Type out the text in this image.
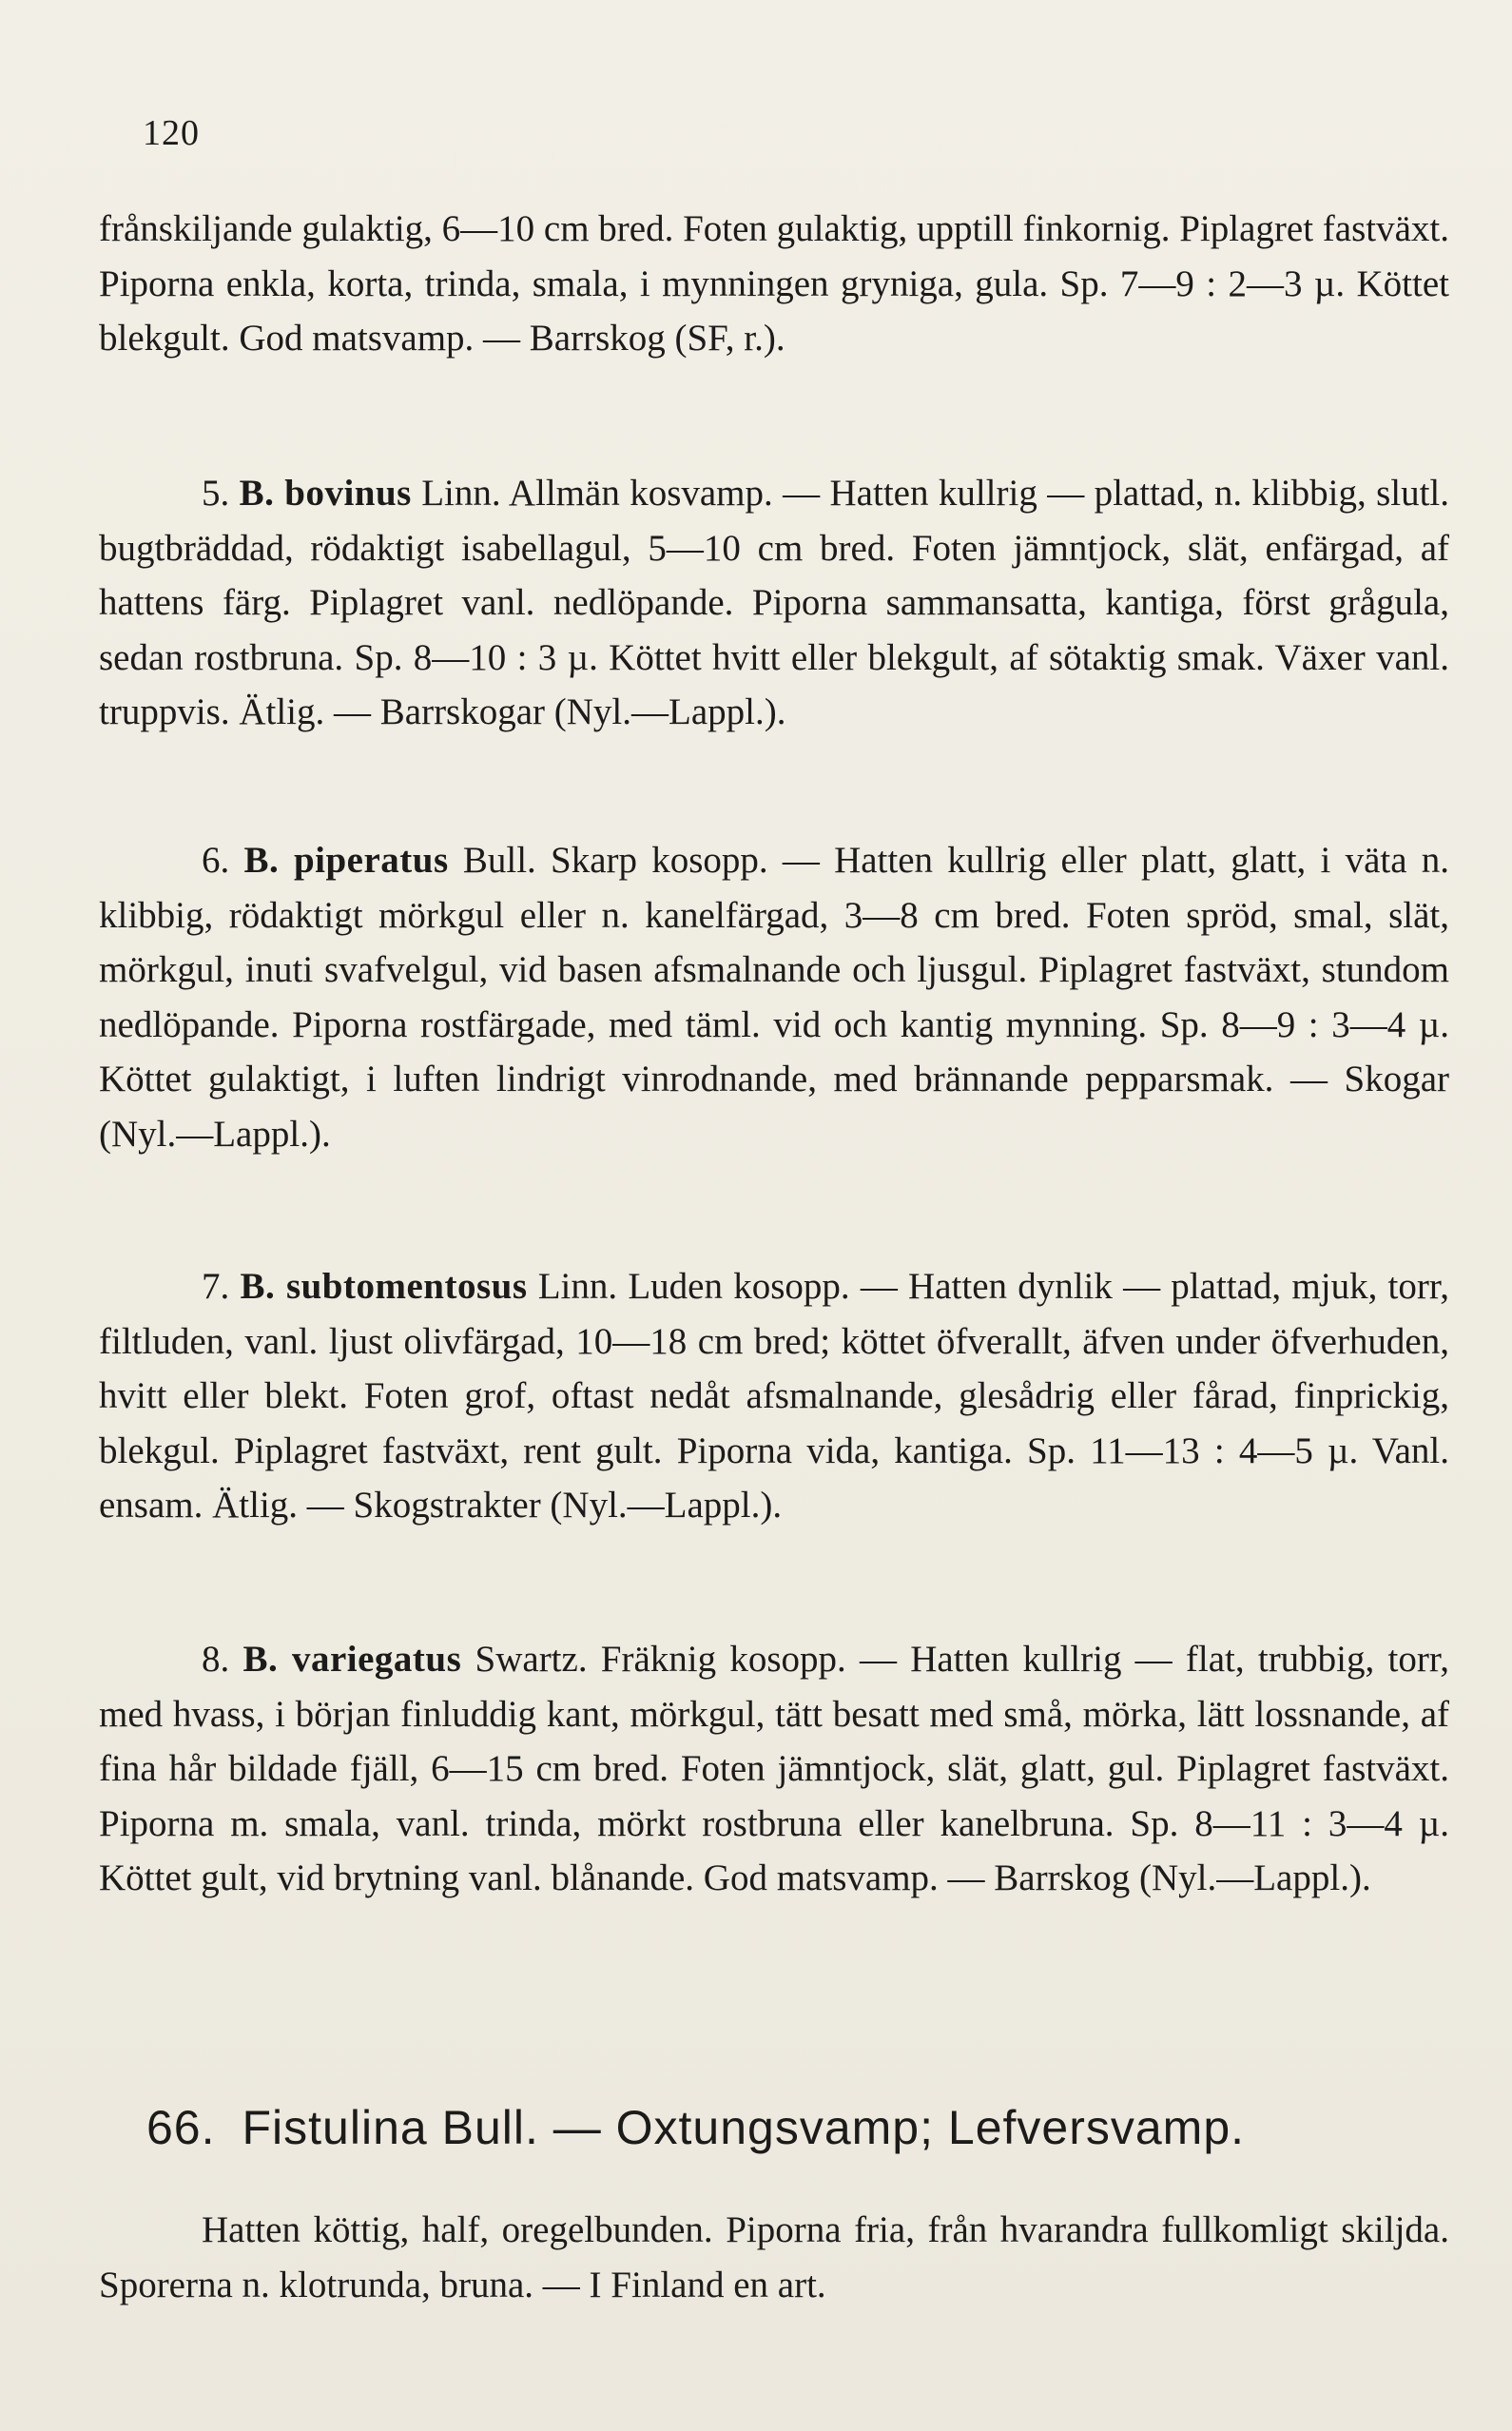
120
frånskiljande gulaktig, 6—10 cm bred. Foten gulaktig, upptill finkornig. Piplagret fastväxt. Piporna enkla, korta, trinda, smala, i mynningen gryniga, gula. Sp. 7—9 : 2—3 µ. Köttet blekgult. God matsvamp. — Barrskog (SF, r.).
5. B. bovinus Linn. Allmän kosvamp. — Hatten kullrig — plattad, n. klibbig, slutl. bugtbräddad, rödaktigt isabellagul, 5—10 cm bred. Foten jämntjock, slät, enfärgad, af hattens färg. Piplagret vanl. nedlöpande. Piporna sammansatta, kantiga, först grågula, sedan rostbruna. Sp. 8—10 : 3 µ. Köttet hvitt eller blekgult, af sötaktig smak. Växer vanl. truppvis. Ätlig. — Barrskogar (Nyl.—Lappl.).
6. B. piperatus Bull. Skarp kosopp. — Hatten kullrig eller platt, glatt, i väta n. klibbig, rödaktigt mörkgul eller n. kanelfärgad, 3—8 cm bred. Foten spröd, smal, slät, mörkgul, inuti svafvelgul, vid basen afsmalnande och ljusgul. Piplagret fastväxt, stundom nedlöpande. Piporna rostfärgade, med täml. vid och kantig mynning. Sp. 8—9 : 3—4 µ. Köttet gulaktigt, i luften lindrigt vinrodnande, med brännande pepparsmak. — Skogar (Nyl.—Lappl.).
7. B. subtomentosus Linn. Luden kosopp. — Hatten dynlik — plattad, mjuk, torr, filtluden, vanl. ljust olivfärgad, 10—18 cm bred; köttet öfverallt, äfven under öfverhuden, hvitt eller blekt. Foten grof, oftast nedåt afsmalnande, glesådrig eller fårad, finprickig, blekgul. Piplagret fastväxt, rent gult. Piporna vida, kantiga. Sp. 11—13 : 4—5 µ. Vanl. ensam. Ätlig. — Skogstrakter (Nyl.—Lappl.).
8. B. variegatus Swartz. Fräknig kosopp. — Hatten kullrig — flat, trubbig, torr, med hvass, i början finluddig kant, mörkgul, tätt besatt med små, mörka, lätt lossnande, af fina hår bildade fjäll, 6—15 cm bred. Foten jämntjock, slät, glatt, gul. Piplagret fastväxt. Piporna m. smala, vanl. trinda, mörkt rostbruna eller kanelbruna. Sp. 8—11 : 3—4 µ. Köttet gult, vid brytning vanl. blånande. God matsvamp. — Barrskog (Nyl.—Lappl.).
66. Fistulina Bull. — Oxtungsvamp; Lefversvamp.
Hatten köttig, half, oregelbunden. Piporna fria, från hvarandra fullkomligt skiljda. Sporerna n. klotrunda, bruna. — I Finland en art.
